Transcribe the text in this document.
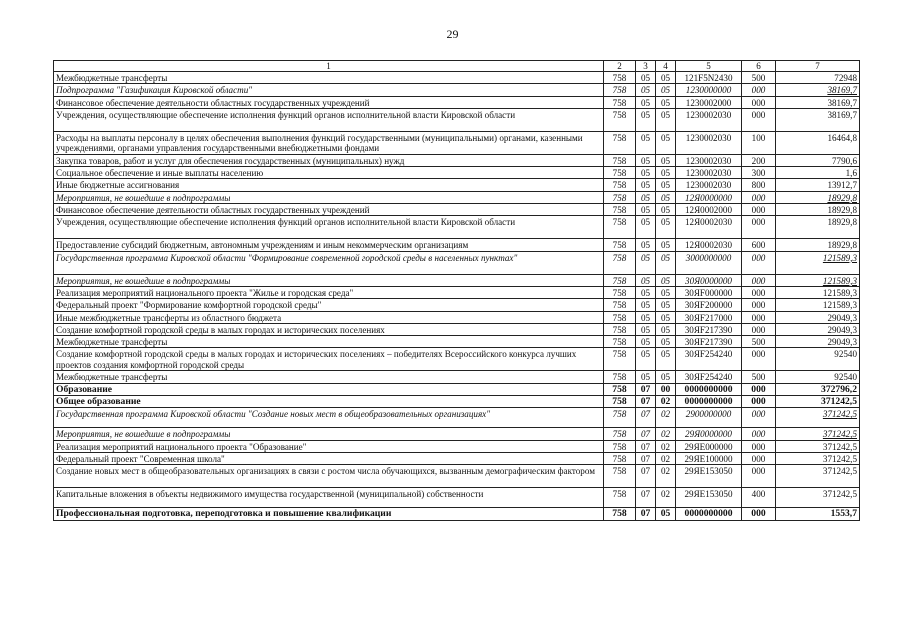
29
1	2	3	4	5	6	7
Межбюджетные трансферты	758	05	05	121F5N2430	500	72948
Подпрограмма "Газификация Кировской области"	758	05	05	1230000000	000	38169,7
Финансовое обеспечение деятельности областных государственных учреждений	758	05	05	1230002000	000	38169,7
Учреждения, осуществляющие обеспечение исполнения функций органов исполнительной власти Кировской области	758	05	05	1230002030	000	38169,7
Расходы на выплаты персоналу в целях обеспечения выполнения функций государственными (муниципальными) органами, казенными учреждениями, органами управления государственными внебюджетными фондами	758	05	05	1230002030	100	16464,8
Закупка товаров, работ и услуг для обеспечения государственных (муниципальных) нужд	758	05	05	1230002030	200	7790,6
Социальное обеспечение и иные выплаты населению	758	05	05	1230002030	300	1,6
Иные бюджетные ассигнования	758	05	05	1230002030	800	13912,7
Мероприятия, не вошедшие в подпрограммы	758	05	05	12Я0000000	000	18929,8
Финансовое обеспечение деятельности областных государственных учреждений	758	05	05	12Я0002000	000	18929,8
Учреждения, осуществляющие обеспечение исполнения функций органов исполнительной власти Кировской области	758	05	05	12Я0002030	000	18929,8
Предоставление субсидий бюджетным, автономным учреждениям и иным некоммерческим организациям	758	05	05	12Я0002030	600	18929,8
Государственная программа Кировской области "Формирование современной городской среды в населенных пунктах"	758	05	05	3000000000	000	121589,3
Мероприятия, не вошедшие в подпрограммы	758	05	05	30Я0000000	000	121589,3
Реализация мероприятий национального проекта "Жилье и городская среда"	758	05	05	30ЯF000000	000	121589,3
Федеральный проект "Формирование комфортной городской среды"	758	05	05	30ЯF200000	000	121589,3
Иные межбюджетные трансферты из областного бюджета	758	05	05	30ЯF217000	000	29049,3
Создание комфортной городской среды в малых городах и исторических поселениях	758	05	05	30ЯF217390	000	29049,3
Межбюджетные трансферты	758	05	05	30ЯF217390	500	29049,3
Создание комфортной городской среды в малых городах и исторических поселениях – победителях Всероссийского конкурса лучших проектов создания комфортной городской среды	758	05	05	30ЯF254240	000	92540
Межбюджетные трансферты	758	05	05	30ЯF254240	500	92540
Образование	758	07	00	0000000000	000	372796,2
Общее образование	758	07	02	0000000000	000	371242,5
Государственная программа Кировской области "Создание новых мест в общеобразовательных организациях"	758	07	02	2900000000	000	371242,5
Мероприятия, не вошедшие в подпрограммы	758	07	02	29Я0000000	000	371242,5
Реализация мероприятий национального проекта "Образование"	758	07	02	29ЯЕ000000	000	371242,5
Федеральный проект "Современная школа"	758	07	02	29ЯЕ100000	000	371242,5
Создание новых мест в общеобразовательных организациях в связи с ростом числа обучающихся, вызванным демографическим фактором	758	07	02	29ЯЕ153050	000	371242,5
Капитальные вложения в объекты недвижимого имущества государственной (муниципальной) собственности	758	07	02	29ЯЕ153050	400	371242,5
Профессиональная подготовка, переподготовка и повышение квалификации	758	07	05	0000000000	000	1553,7
